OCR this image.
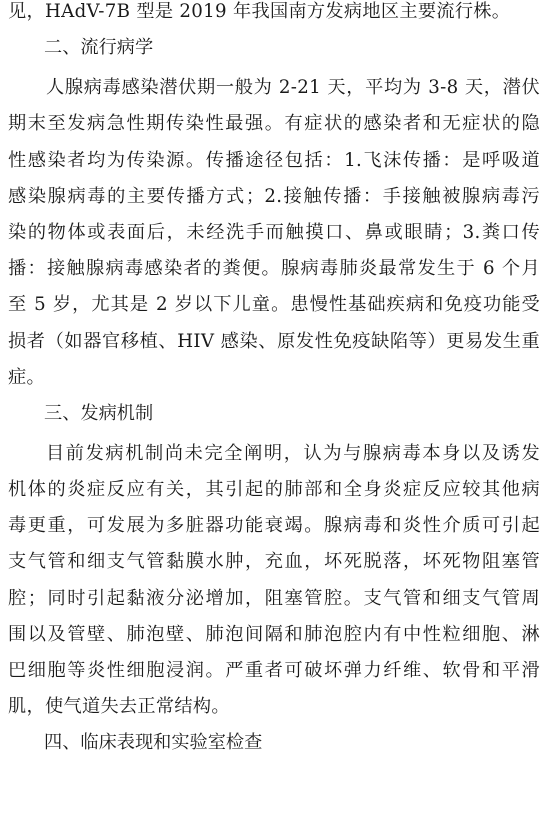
见，HAdV-7B 型是 2019 年我国南方发病地区主要流行株。
二、流行病学
人腺病毒感染潜伏期一般为 2-21 天，平均为 3-8 天，潜伏
期末至发病急性期传染性最强。有症状的感染者和无症状的隐
性感染者均为传染源。传播途径包括：1.飞沫传播：是呼吸道
感染腺病毒的主要传播方式；2.接触传播：手接触被腺病毒污
染的物体或表面后，未经洗手而触摸口、鼻或眼睛；3.粪口传
播：接触腺病毒感染者的粪便。腺病毒肺炎最常发生于 6 个月
至 5 岁，尤其是 2 岁以下儿童。患慢性基础疾病和免疫功能受
损者（如器官移植、HIV 感染、原发性免疫缺陷等）更易发生重
症。
三、发病机制
目前发病机制尚未完全阐明，认为与腺病毒本身以及诱发
机体的炎症反应有关，其引起的肺部和全身炎症反应较其他病
毒更重，可发展为多脏器功能衰竭。腺病毒和炎性介质可引起
支气管和细支气管黏膜水肿，充血，坏死脱落，坏死物阻塞管
腔；同时引起黏液分泌增加，阻塞管腔。支气管和细支气管周
围以及管壁、肺泡壁、肺泡间隔和肺泡腔内有中性粒细胞、淋
巴细胞等炎性细胞浸润。严重者可破坏弹力纤维、软骨和平滑
肌，使气道失去正常结构。
四、临床表现和实验室检查
